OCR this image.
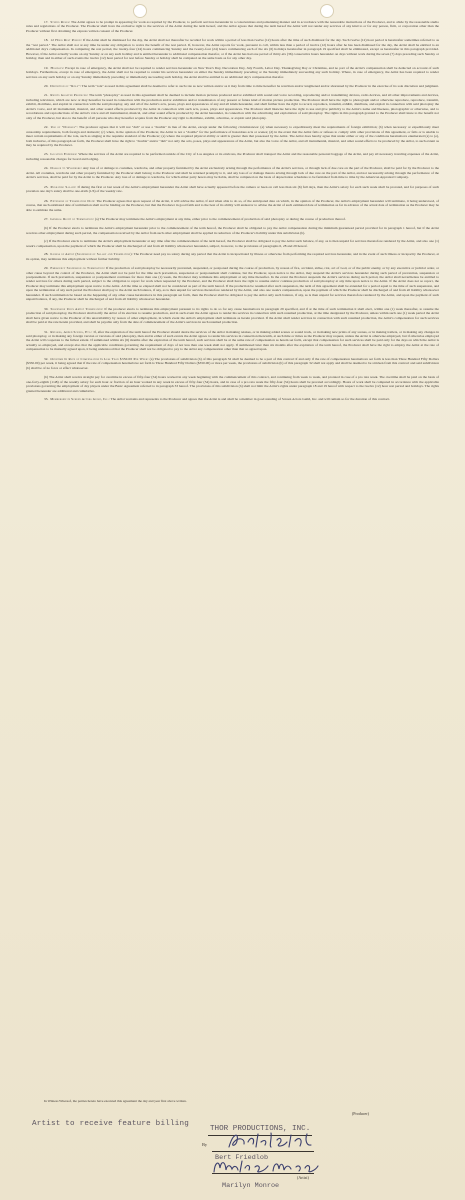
17. Studio Rules: The Artist agrees to be prompt in appearing for work as required by the Producer, to perform services hereunder in a conscientious and painstaking manner and in accordance with the reasonable instructions of the Producer, and to abide by the reasonable studio rules and regulations of the Producer. The Producer shall have the exclusive right to the services of the Artist during the term hereof, and the Artist agrees that during the term hereof the Artist will not render any services of any kind to or for any person, firm, or corporation other than the Producer without first obtaining the express written consent of the Producer.

18. 12 Hour Rest Period: If the Artist shall be dismissed for the day, the Artist shall not thereafter be recalled for work within a period of less than twelve (12) hours after the time of such dismissal for the day. Such twelve (12) hour period is hereinafter sometimes referred to as the "rest period." The Artist shall not at any time be under any obligation to waive the benefit of the rest period. If, however, the Artist reports for work, pursuant to call, within less than a period of twelve (12) hours after he has been dismissed for the day, the Artist shall be entitled to an additional day's compensation. In computing the rest period, the twenty-four (24) hours commencing Sunday and the twenty-four (24) hours commencing each of the six (6) holidays hereinafter in paragraph 19 specified shall be eliminated, except as hereinafter in this paragraph provided. However, if the Artist actually works on any Sunday or on any such holiday and is entitled hereunder to additional compensation therefor, or if the Artist has had one period of thirty-six (36) consecutive hours hereunder on days without work during the seven (7) days preceding such Sunday or holiday, then and in either of such events the twelve (12) hour period for rest before Sunday or holiday shall be computed on the same basis as for any other day.

19. Holidays: Except in case of emergency, the Artist shall not be required to render services hereunder on New Year's Day, Decoration Day, July Fourth, Labor Day, Thanksgiving Day or Christmas, and no part of the Artist's compensation shall be deducted on account of such holidays. Furthermore, except in case of emergency, the Artist shall not be required to render his services hereunder on either the Sunday immediately preceding or the Sunday immediately succeeding any such holiday. Where, in case of emergency, the Artist has been required to render services on any such holiday or on any Sunday immediately preceding or immediately succeeding such holiday, the Artist shall be entitled to an additional day's compensation therefor.

20. Definition of "Role": The term "role" as used in this agreement shall be deemed to refer to such role as now written and/or as it may from time to time hereafter be rewritten and/or lengthened and/or shortened by the Producer in the exercise of its sole discretion and judgment.

21. Rights Granted Producer: The term "photoplay" as used in this agreement shall be deemed to include motion pictures produced and/or exhibited with sound and voice recording, reproducing and/or transmitting devices, radio devices, and all other improvements and devices, including television, which are now or may hereafter be used in connection with the production and/or exhibition and/or transmission of any present or future kind of motion picture production. The Producer shall have the right to photograph and/or otherwise reproduce, reproduce, transmit, exhibit, distribute, and exploit in connection with the said photoplay, any and all of the Artist's acts, poses, plays and appearances of any and all kinds hereunder, and shall further have the right to record, reproduce, transmit, exhibit, distribute, and exploit in connection with said photoplay the Artist's voice, and all instrumental, musical, and other sound effects produced by the Artist in connection with such acts, poses, plays and appearances. The Producer shall likewise have the right to use and give publicity to the Artist's name and likeness, photographic or otherwise, and to recordations and reproductions of the Artist's voice and all instrumental, musical, and other sound effects produced by the Artist hereunder, in connection with the advertising and exploitation of said photoplay. The rights in this paragraph granted to the Producer shall inure to the benefit not only of the Producer, but also to the benefit of all persons who may hereafter acquire from the Producer any right to distribute, exhibit, advertise, or exploit said photoplay.

22. Use of "Doubles": The producer agrees that it will not "dub" or use a "double" in lieu of the Artist, except under the following circumstances: (a) when necessary to expeditiously meet the requirements of foreign exhibition; (b) when necessary or expeditiously meet censorship requirements, both foreign and domestic; (c) when, in the opinion of the Producer, the Artist is not a "double" for the performance of hazardous acts or scenes; (d) in the event that the Artist fails or refuses to comply with other provisions of this agreement, or fails or is unable to meet certain requirements of the role, such as singing at the requisite standard of the Producer; (e) where the required physical ability or skill is greater than that possessed by the Artist. The Artist does hereby agree that under either or any of the conditions hereinabove enumerated (a) to (e), both inclusive, of this paragraph set forth, the Producer shall have the right to "double" and/or "dub" not only the acts, poses, plays and appearances of the Artist, but also the voice of the Artist, and all instrumental, musical, and other sound effects to be produced by the Artist, to such extent as may be required by the Producer.

23. Location Expenses: Where the services of the Artist are required to be performed outside of the City of Los Angeles or its environs, the Producer shall transport the Artist and the reasonable personal baggage of the Artist, and pay all necessary traveling expenses of the Artist, including reasonable charges for board and lodging.

24. Damage to Wardrobe: Any loss of or damage to costumes, wardrobe, and other property furnished by the Artist exclusively arising through the performance of the Artist's services, or through lack of due care on the part of the Producer, shall be paid for by the Producer to the Artist. All costumes, wardrobe and other property furnished by the Producer shall belong to the Producer and shall be returned promptly to it, and any loss of or damage thereto arising through lack of due care on the part of the Artist, and not necessarily arising through the performance of the Artist's services, shall be paid for by the Artist to the Producer. Any loss of or damage to wardrobe, for which either party hereto may be liable, shall be computed on the basis of depreciation schedules to be furnished from time to time by the American Appraisal Company.

25. Prorating Salary: If during the first or last week of the Artist's employment hereunder the Artist shall have actually appeared before the camera or been on call less than six (6) full days, then the Artist's salary for each such week shall be prorated, and for purposes of such proration one day's salary shall be one-sixth (1/6) of the weekly rate.

26. Extension of Termination Date: The Producer agrees that upon request of the Artist, it will advise the Artist, if and when able to do so, of the anticipated date on which, in the opinion of the Producer, the Artist's employment hereunder will terminate, it being understood, of course, that such estimated date of termination shall not be binding on the Producer, but that the Producer in good faith and to the best of its ability will endeavor to advise the Artist of such estimated date of termination as far in advance of the actual date of termination as the Producer may be able to estimate the same.

27. General Right of Termination: (a) The Producer may terminate the Artist's employment at any time, either prior to the commencement of production of said photoplay or during the course of production thereof.

(b) If the Producer elects to terminate the Artist's employment hereunder prior to the commencement of the term hereof, the Producer shall be obligated to pay the Artist compensation during the minimum guaranteed period provided for in paragraph 1 hereof, but if the Artist receives other employment during such period, the compensation received by the Artist from such other employment shall be applied in reduction of the Producer's liability under this subdivision (b).

(c) If the Producer elects to terminate the Artist's employment hereunder at any time after the commencement of the term hereof, the Producer shall be obligated to pay the Artist such balance, if any, as is then unpaid for services theretofore rendered by the Artist, and also one (1) week's compensation, upon the payment of which the Producer shall be discharged of and from all liability whatsoever hereunder, subject, however, to the provisions of paragraphs 6, 28 and 29 hereof.

28. Illness of Artist (Suspension of Salary and Termination): The Producer need pay no salary during any period that the Artist is incapacitated by illness or otherwise from performing the required services hereunder, and in the event of such illness or incapacity the Producer, at its option, may terminate this employment without further liability.

29. Emergency Suspension or Termination: If the production of said photoplay be necessarily prevented, suspended, or postponed during the course of production, by reason of fire, accident, strike, riot, act of God, or of the public enemy, or by any executive or judicial order, or other cause beyond the control of the Producer, the Artist shall not be paid for the time such prevention, suspension or postponement shall continue, but the Producer, upon notice to the Artist, may suspend the Artist's services hereunder during such period of prevention, suspension or postponement. If such prevention, suspension or postponement continues for more than one (1) week, the Producer may terminate this employment at any time thereafter. In the event the Producer suspends the Artist's services during such period, the Artist shall nevertheless be entitled to render services for others during such period, subject to the obligation to report for work when requested by the Producer, and the Producer shall have the right to resume and/or continue production of said photoplay at any time upon notice to the Artist. If the Artist does not so report, the Producer may terminate this employment upon notice to the Artist. All the time so elapsed shall not be considered as part of the term hereof. If the production be resumed after such suspension, the term of this agreement shall be extended for a period equal to the time of such suspension, and upon the termination of any such period the Producer shall pay to the Artist such balance, if any, as is then unpaid for services theretofore rendered by the Artist, and also one week's compensation, upon the payment of which the Producer shall be discharged of and from all liability whatsoever hereunder. If such termination be based on the happening of any other cause hereinabove in this paragraph set forth, then the Producer shall be obligated to pay the Artist only such balance, if any, as is then unpaid for services theretofore rendered by the Artist, and upon the payment of such unpaid balance, if any, the Producer shall be discharged of and from all liability whatsoever hereunder.

30. Suspension Upon Artist Termination: If the producer elects to terminate this employment pursuant to its rights to do so for any cause hereinabove in paragraph 29 specified, and if at the time of such termination it shall elect, within one (1) week thereafter, to resume the production of said photoplay, the Producer shall notify the Artist of its election to resume production, and in such event the Artist agrees to render his services in connection with such resumed production, at the time designated by the Producer, unless within such one (1) week period the Artist shall have given notice to the Producer of his unavailability by reason of other employment, in which event the Artist's employment shall terminate as herein provided. If the Artist shall render services in connection with such resumed production, the Artist's compensation for such services shall be paid at the rate herein provided, and shall be payable only from the date of commencement of the Artist's services in such resumed production.

31. Retakes, Added Scenes, Etc.: If, after the expiration of the term hereof the Producer should desire the services of the Artist in making retakes, or in making added scenes or sound track, or in making new prints of any scenes, or in making trailers, or in making any changes in said photoplay, or in making any foreign version or versions of said photoplay, then and in either of such events the Artist agrees to render his services in connection therewith, at such time or times as the Producer may request, unless the Artist is otherwise employed, but if otherwise employed the Artist will cooperate to the fullest extent. If summoned within six (6) months after the expiration of the term hereof, such services shall be at the same rate of compensation as herein set forth, except that compensation for such services shall be paid only for the days on which the Artist is actually so employed, and except also that the applicable conditions governing the requirement of days of not less than one week shall not apply. If summoned later than six months after the expiration of the term hereof, the Producer shall have the right to employ the Artist at the rate of compensation to be mutually agreed upon, it being understood that the Producer shall not be obligated to pay to the Artist any compensation other than that so agreed upon.

32. Overtime In Rate of Compensation Is Less Than $350.00 Per Week: (a) The provisions of subdivision (b) of this paragraph 32 shall be deemed to be a part of this contract if and only if the rate of compensation hereinabove set forth is less than Three Hundred Fifty Dollars ($350.00) per week, it being agreed that if the rate of compensation hereinabove set forth is Three Hundred Fifty Dollars ($350.00) or more per week, the provisions of subdivision (b) of this paragraph 32 shall not apply and shall be deemed to be stricken from this contract and said subdivision (b) shall be of no force or effect whatsoever.

(b) The Artist shall receive straight pay for overtime in excess of fifty-four (54) hours worked in any week beginning with the commencement of this contract, and continuing from week to week, and prorated in case of a pro rata week. The overtime shall be paid on the basis of one-forty-eighth (1/48) of the weekly salary for each hour or fraction of an hour worked in any week in excess of fifty-four (54) hours, and in case of a pro rata week the fifty-four (54) hours shall be prorated accordingly. Hours of work shall be computed in accordance with the applicable provisions governing the employment of day players under the Basic Agreement referred to in paragraph 33 hereof. The provisions of this subdivision (b) shall not limit the Artist's rights under paragraph 18 and 19 hereof with respect to the twelve (12) hour rest period and holidays. The rights granted hereunder are additional and cumulative.

33. Membership in Screen Actors Guild, Inc.: The Artist warrants and represents to the Producer and agrees that the Artist is and shall be a member in good standing of Screen Actors Guild, Inc. and will remain so for the duration of this contract.

In Witness Whereof, the parties hereto have executed this agreement the day and year first above written.
(Producer)
Artist to receive feature billing
THOR PRODUCTIONS, INC.
By
Bert Friedlob
(Artist)
Marilyn Monroe
